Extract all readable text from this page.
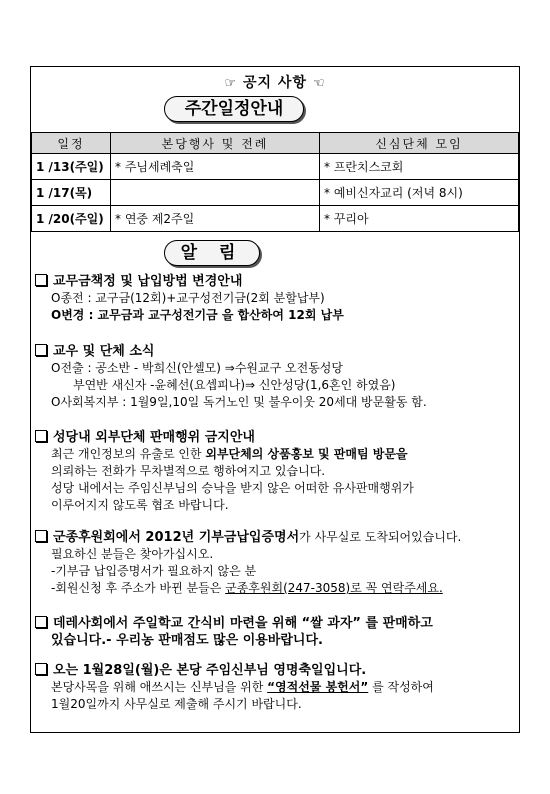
☞ 공지 사항 ☜
주간일정안내
일정	본당행사 및 전례	신심단체 모임
1 /13(주일)	* 주님세례축일	* 프란치스코회
1 /17(목)		* 예비신자교리 (저녁 8시)
1 /20(주일)	* 연중 제2주일	* 꾸리아
알 림
교무금책정 및 납입방법 변경안내
O종전 : 교구금(12회)+교구성전기금(2회 분할납부)
O변경 : 교무금과 교구성전기금 을 합산하여 12회 납부
교우 및 단체 소식
O전출 : 공소반 - 박희신(안셀모) ⇒수원교구 오전동성당
부연반 새신자 -윤혜선(요셉피나)⇒ 신안성당(1,6혼인 하였음)
O사회복지부 : 1월9일,10일 독거노인 및 불우이웃 20세대 방문활동 함.
성당내 외부단체 판매행위 금지안내
최근 개인정보의 유출로 인한 외부단체의 상품홍보 및 판매팀 방문을
의뢰하는 전화가 무차별적으로 행하여지고 있습니다.
성당 내에서는 주임신부님의 승낙을 받지 않은 어떠한 유사판매행위가
이루어지지 않도록 협조 바랍니다.
군종후원회에서 2012년 기부금납입증명서가 사무실로 도착되어있습니다.
필요하신 분들은 찾아가십시오.
-기부금 납입증명서가 필요하지 않은 분
-회원신청 후 주소가 바뀐 분들은 군종후원회(247-3058)로 꼭 연락주세요.
데레사회에서 주일학교 간식비 마련을 위해 “쌀 과자” 를 판매하고
있습니다.- 우리농 판매점도 많은 이용바랍니다.
오는 1월28일(월)은 본당 주임신부님 영명축일입니다.
본당사목을 위해 애쓰시는 신부님을 위한 “영적선물 봉헌서” 를 작성하여
1월20일까지 사무실로 제출해 주시기 바랍니다.
